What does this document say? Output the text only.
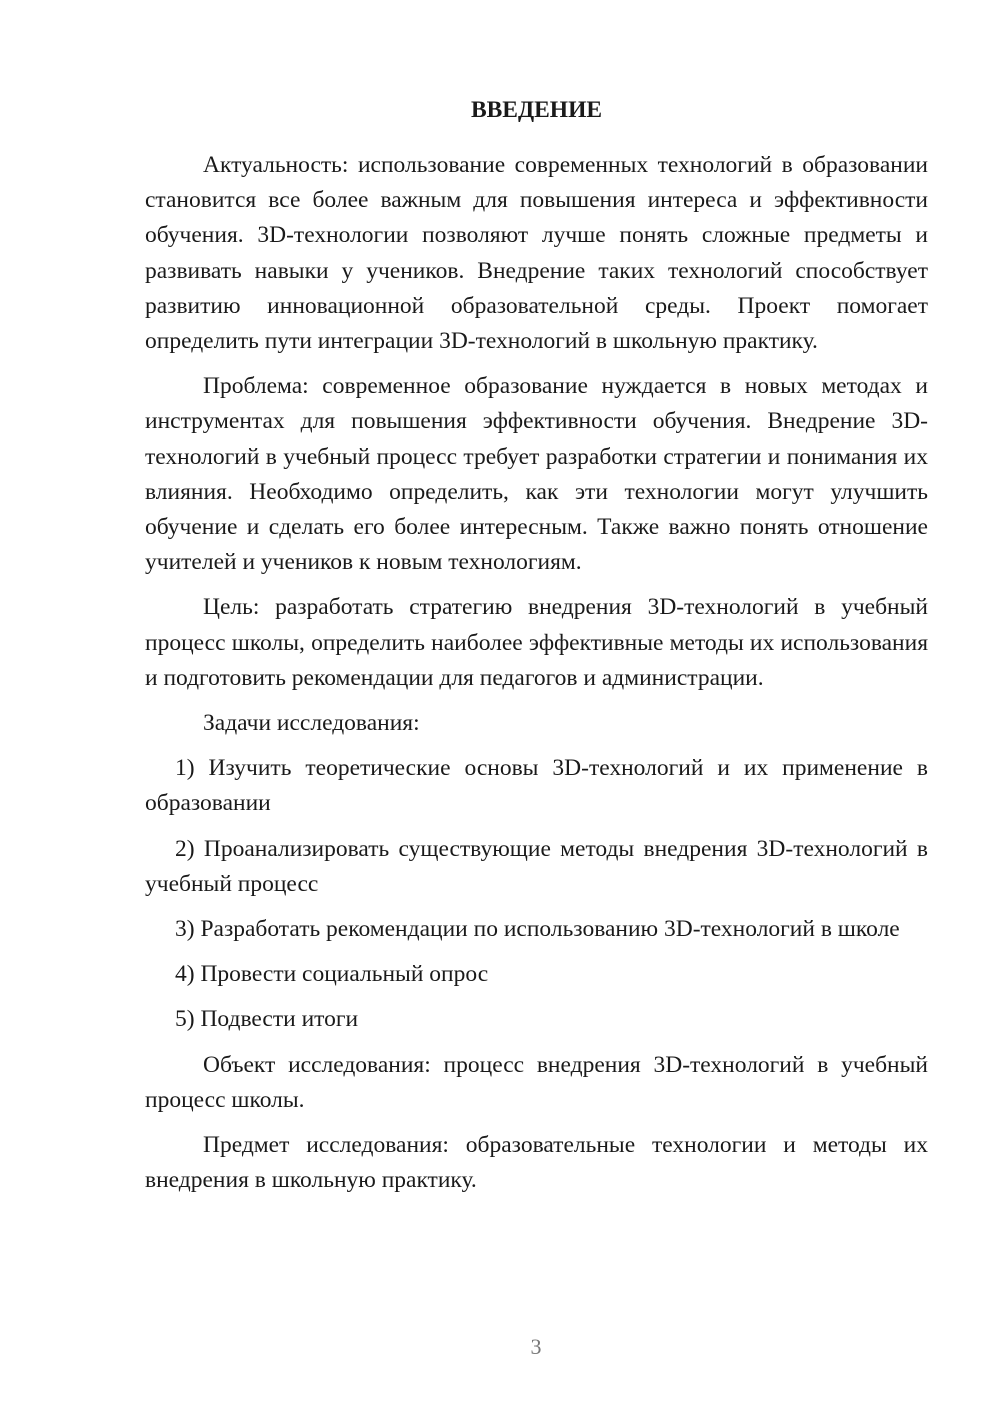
ВВЕДЕНИЕ

Актуальность: использование современных технологий в образовании становится все более важным для повышения интереса и эффективности обучения. 3D-технологии позволяют лучше понять сложные предметы и развивать навыки у учеников. Внедрение таких технологий способствует развитию инновационной образовательной среды. Проект помогает определить пути интеграции 3D-технологий в школьную практику.

Проблема: современное образование нуждается в новых методах и инструментах для повышения эффективности обучения. Внедрение 3D-технологий в учебный процесс требует разработки стратегии и понимания их влияния. Необходимо определить, как эти технологии могут улучшить обучение и сделать его более интересным. Также важно понять отношение учителей и учеников к новым технологиям.

Цель: разработать стратегию внедрения 3D-технологий в учебный процесс школы, определить наиболее эффективные методы их использования и подготовить рекомендации для педагогов и администрации.

Задачи исследования:

1) Изучить теоретические основы 3D-технологий и их применение в образовании

2) Проанализировать существующие методы внедрения 3D-технологий в учебный процесс

3) Разработать рекомендации по использованию 3D-технологий в школе

4) Провести социальный опрос

5) Подвести итоги

Объект исследования: процесс внедрения 3D-технологий в учебный процесс школы.

Предмет исследования: образовательные технологии и методы их внедрения в школьную практику.

3
